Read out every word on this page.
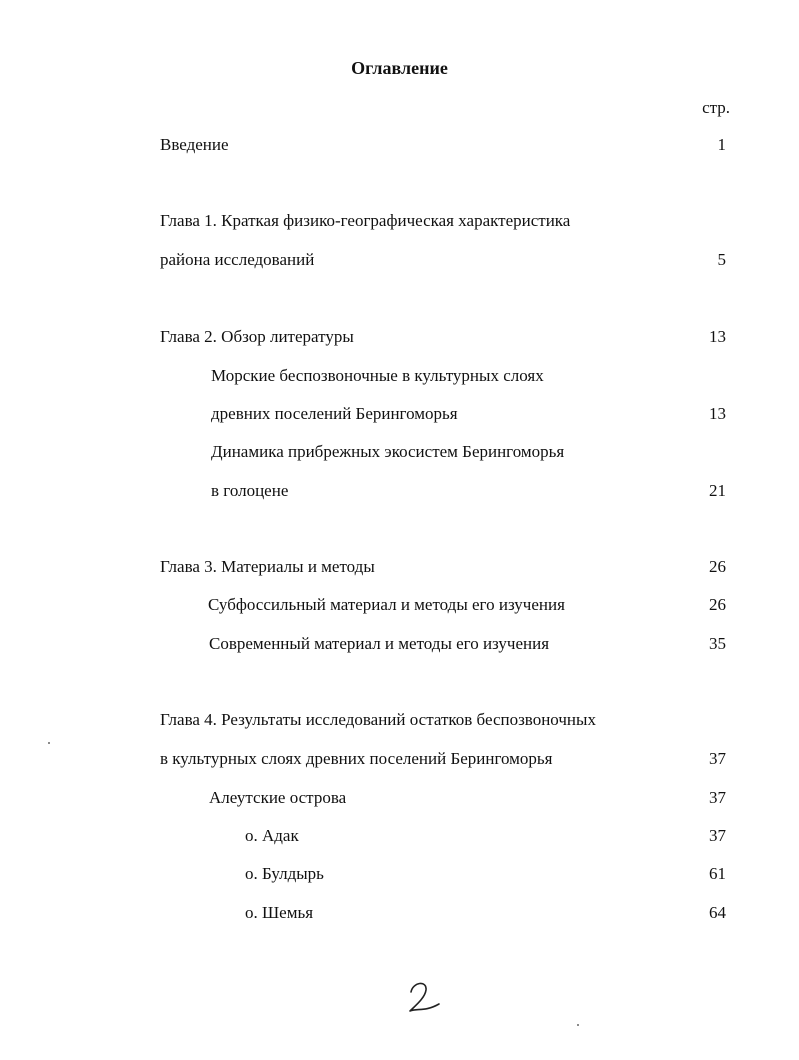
Оглавление
стр.
Введение	1
Глава 1. Краткая физико-географическая характеристика
района исследований	5
Глава 2. Обзор литературы	13
Морские беспозвоночные в культурных слоях
древних поселений Берингоморья	13
Динамика прибрежных экосистем Берингоморья
в голоцене	21
Глава 3. Материалы и методы	26
Субфоссильный материал и методы его изучения	26
Современный материал и методы его изучения	35
Глава 4. Результаты исследований остатков беспозвоночных
в культурных слоях древних поселений Берингоморья	37
Алеутские острова	37
о. Адак	37
о. Булдырь	61
о. Шемья	64
